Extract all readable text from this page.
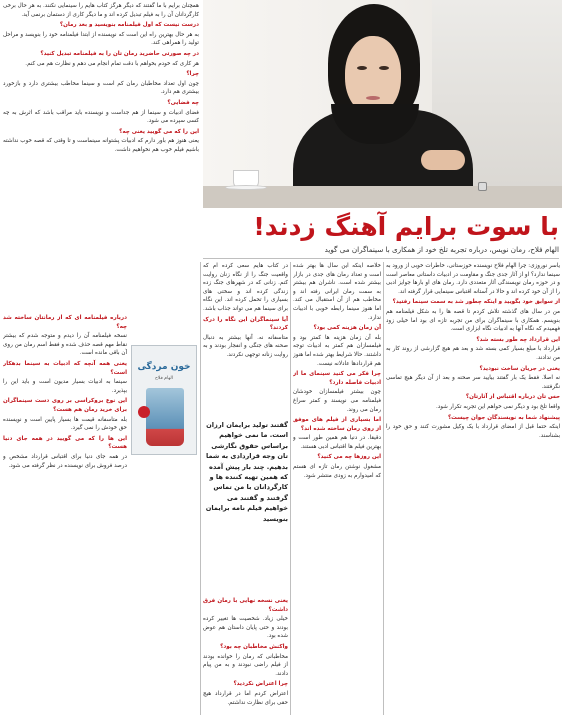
با سوت برایم آهنگ زدند!
الهام فلاح، رمان نویس، درباره تجربه تلخ خود از همکاری با سینماگران می گوید

همچنان برایم با ما گفتند که دیگر هرگز کتاب هایم را سینمایی نکنند. به هر حال برخی کارگردانان آن را به فیلم تبدیل کرده اند و ما دیگر کاری از دستمان برنمی آید.

درست نیست که اول فیلمنامه بنویسید و بعد رمان؟

به هر حال بهترین راه این است که نویسنده از ابتدا فیلمنامه خود را بنویسد و مراحل تولید را همراهی کند.

در چه صورتی حاضرید رمان تان را به فیلمنامه تبدیل کنید؟

هر کاری که خودم بخواهم با دقت تمام انجام می دهم و نظارت هم می کنم.

چرا؟

چون اول تعداد مخاطبان رمان کم است و سینما مخاطب بیشتری دارد و بازخورد بیشتری هم دارد.

چه فضایی؟

فضای ادبیات و سینما از هم جداست و نویسنده باید مراقب باشد که اثرش به چه کسی سپرده می شود.

این را که می گویید یعنی چه؟

یعنی هنوز هم باور دارم که ادبیات پشتوانه سینماست و تا وقتی که قصه خوب نداشته باشیم فیلم خوب هم نخواهیم داشت.

درباره فیلمنامه ای که از رمانتان ساخته شد چه؟

نسخه فیلمنامه آن را دیدم و متوجه شدم که بیشتر نقاط مهم قصه حذف شده و فقط اسم رمان من روی آن باقی مانده است.

یعنی همه آنچه که ادبیات به سینما بدهکار است؟

سینما به ادبیات بسیار مدیون است و باید این را بپذیرد.

این نوع بروکراسی بر روی دست سینماگران برای خرید رمان هم هست؟

بله متاسفانه قیمت ها بسیار پایین است و نویسنده حق خودش را نمی گیرد.

این ها را که می گویید در همه جای دنیا هست؟

در همه جای دنیا برای اقتباس قرارداد مشخص و درصد فروش برای نویسنده در نظر گرفته می شود.

خون مردگی
الهام فلاح
گفتند تولید برایمان ارزان است. ما نمی خواهیم براساس حقوق نگارشی تان وجه قراردادی به شما بدهیم. چند بار پیش آمده که همین تهیه کننده ها و کارگردانان با من تماس گرفتند و گفتند می خواهیم فیلم نامه برایمان بنویسید

در کتاب هایم سعی کرده ام که واقعیت جنگ را از نگاه زنان روایت کنم. زنانی که در شهرهای جنگ زده زندگی کرده اند و سختی های بسیاری را تحمل کرده اند. این نگاه برای سینما هم می تواند جذاب باشد.

آیا سینماگران این نگاه را درک کردند؟

متاسفانه نه. آنها بیشتر به دنبال صحنه های جنگی و انفجار بودند و به روایت زنانه توجهی نکردند.

یعنی نسخه نهایی با رمان فرق داشت؟

خیلی زیاد. شخصیت ها تغییر کرده بودند و حتی پایان داستان هم عوض شده بود.

واکنش مخاطبان چه بود؟

مخاطبانی که رمان را خوانده بودند از فیلم راضی نبودند و به من پیام دادند.

چرا اعتراض نکردید؟

اعتراض کردم اما در قرارداد هیچ حقی برای نظارت نداشتم.

خلاصه اینکه این سال ها بهتر شده است و تعداد رمان های جدی در بازار بیشتر شده است. ناشران هم بیشتر به سمت رمان ایرانی رفته اند و مخاطب هم از آن استقبال می کند. اما هنوز سینما رابطه خوبی با ادبیات ندارد.

آن زمان هزینه کمی بود؟

بله آن زمان هزینه ها کمتر بود و فیلمسازان هم کمتر به ادبیات توجه داشتند. حالا شرایط بهتر شده اما هنوز هم قراردادها عادلانه نیست.

چرا فکر می کنید سینمای ما از ادبیات فاصله دارد؟

چون بیشتر فیلمسازان خودشان فیلمنامه می نویسند و کمتر سراغ رمان می روند.

اما بسیاری از فیلم های موفق از روی رمان ساخته شده اند؟

دقیقا. در دنیا هم همین طور است و بهترین فیلم ها اقتباس ادبی هستند.

این روزها چه می کنید؟

مشغول نوشتن رمان تازه ای هستم که امیدوارم به زودی منتشر شود.

یاسر نوروزی: چرا الهام فلاح نویسنده خوزستانی، خاطرات خوبی از ورود به سینما ندارد؟ او از آثار جدی جنگ و مقاومت در ادبیات داستانی معاصر است و در حوزه رمان نویسندگی آثار متعددی دارد. رمان های او بارها جوایز ادبی را از آن خود کرده اند و حالا در آستانه اقتباس سینمایی قرار گرفته اند.

از سوابق خود بگویید و اینکه چطور شد به سمت سینما رفتید؟

من در سال های گذشته تلاش کردم تا قصه ها را به شکل فیلمنامه هم بنویسم. همکاری با سینماگران برای من تجربه تازه ای بود اما خیلی زود فهمیدم که نگاه آنها به ادبیات نگاه ابزاری است.

این قرارداد چه طور بسته شد؟

قرارداد با مبلغ بسیار کمی بسته شد و بعد هم هیچ گزارشی از روند کار به من ندادند.

یعنی در جریان ساخت نبودید؟

نه اصلا. فقط یک بار گفتند بیایید سر صحنه و بعد از آن دیگر هیچ تماسی نگرفتند.

حس تان درباره اقتباس از آثارتان؟

واقعا تلخ بود و دیگر نمی خواهم این تجربه تکرار شود.

پیشنهاد شما به نویسندگان جوان چیست؟

اینکه حتما قبل از امضای قرارداد با یک وکیل مشورت کنند و حق خود را بشناسند.
